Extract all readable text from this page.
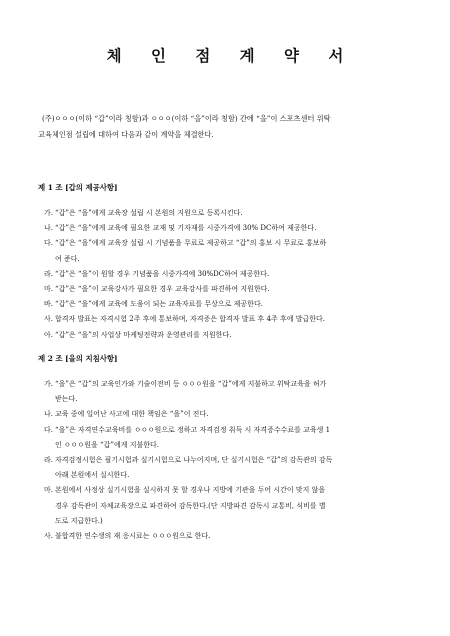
체 인 점 계 약 서

(주)ㅇㅇㅇ(이하 “갑”이라 칭함)과 ㅇㅇㅇ(이하 “을”이라 칭함) 간에 “을”이 스포츠센터 위탁

교육체인점 설립에 대하여 다음과 같이 계약을 체결한다.

제 1 조 [갑의 제공사항]
가. “갑”은 “을”에게 교육장 설립 시 본원의 지원으로 등록시킨다.
나. “갑”은 “을”에게 교육에 필요한 교재 및 기자재를 시중가격에 30% DC하여 제공한다.
다. “갑”은 “을”에게 교육장 설립 시 기념품을 무료로 제공하고 “갑”의 홍보 시 무료로 홍보하
여 준다.
라. “갑”은 “을”이 원할 경우 기념품을 시중가격에 30%DC하여 제공한다.
마. “갑”은 “을”이 교육강사가 필요한 경우 교육강사를 파견하여 지원한다.
바. “갑”은 “을”에게 교육에 도움이 되는 교육자료를 무상으로 제공한다.
사. 합격자 발표는 자격시험 2주 후에 통보하며, 자격증은 합격자 발표 후 4주 후에 발급한다.
아. “갑”은 “을”의 사업상 마케팅전략과 운영관리를 지원한다.
제 2 조 [을의 지침사항]
가. “을”은 “갑”의 교육인가와 기술이전비 등 ㅇㅇㅇ원을 “갑”에게 지불하고 위탁교육을 허가
받는다.
나. 교육 중에 일어난 사고에 대한 책임은 “을”이 진다.
다. “을”은 자격연수교육비를 ㅇㅇㅇ원으로 정하고 자격검정 취득 시 자격증수수료를 교육생 1
인 ㅇㅇㅇ원을 “갑”에게 지불한다.
라. 자격검정시험은 필기시험과 실기시험으로 나누어지며, 단 실기시험은 “갑”의 감독관의 감독
아래 본원에서 실시한다.
마. 본원에서 사정상 실기시험을 실시하지 못 할 경우나 지방에 기관을 두어 시간이 맞지 않을
경우 감독관이 자체교육장으로 파견하여 감독한다.(단 지방파견 감독시 교통비, 식비를 별
도로 지급한다.)
사. 불합격한 연수생의 재 응시료는 ㅇㅇㅇ원으로 한다.
